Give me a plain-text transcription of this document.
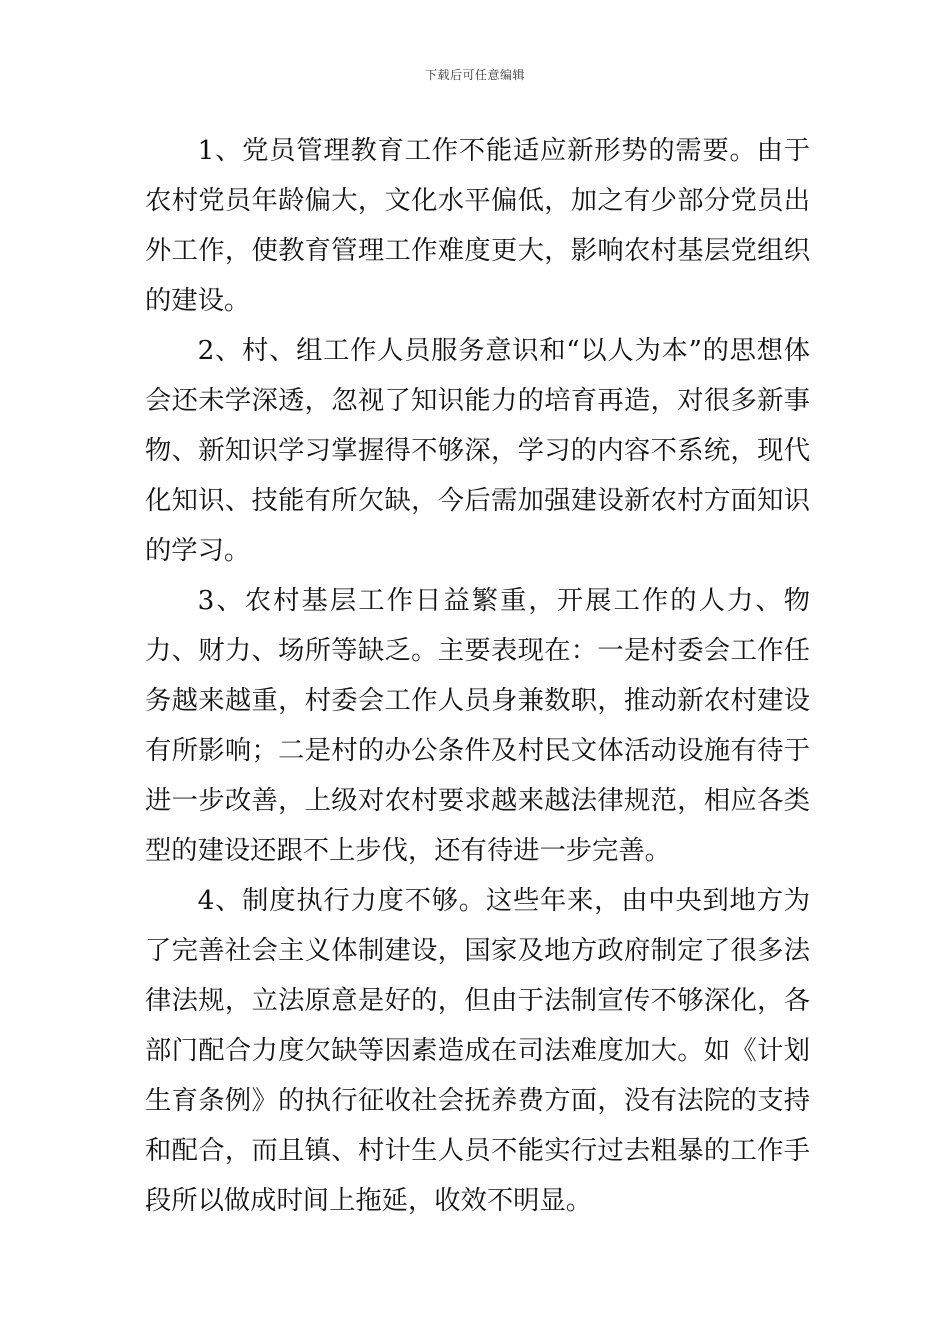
下载后可任意编辑

1、党员管理教育工作不能适应新形势的需要。由于农村党员年龄偏大，文化水平偏低，加之有少部分党员出外工作，使教育管理工作难度更大，影响农村基层党组织的建设。

2、村、组工作人员服务意识和“以人为本”的思想体会还未学深透，忽视了知识能力的培育再造，对很多新事物、新知识学习掌握得不够深，学习的内容不系统，现代化知识、技能有所欠缺，今后需加强建设新农村方面知识的学习。

3、农村基层工作日益繁重，开展工作的人力、物力、财力、场所等缺乏。主要表现在：一是村委会工作任务越来越重，村委会工作人员身兼数职，推动新农村建设有所影响；二是村的办公条件及村民文体活动设施有待于进一步改善，上级对农村要求越来越法律规范，相应各类型的建设还跟不上步伐，还有待进一步完善。

4、制度执行力度不够。这些年来，由中央到地方为了完善社会主义体制建设，国家及地方政府制定了很多法律法规，立法原意是好的，但由于法制宣传不够深化，各部门配合力度欠缺等因素造成在司法难度加大。如《计划生育条例》的执行征收社会抚养费方面，没有法院的支持和配合，而且镇、村计生人员不能实行过去粗暴的工作手段所以做成时间上拖延，收效不明显。
